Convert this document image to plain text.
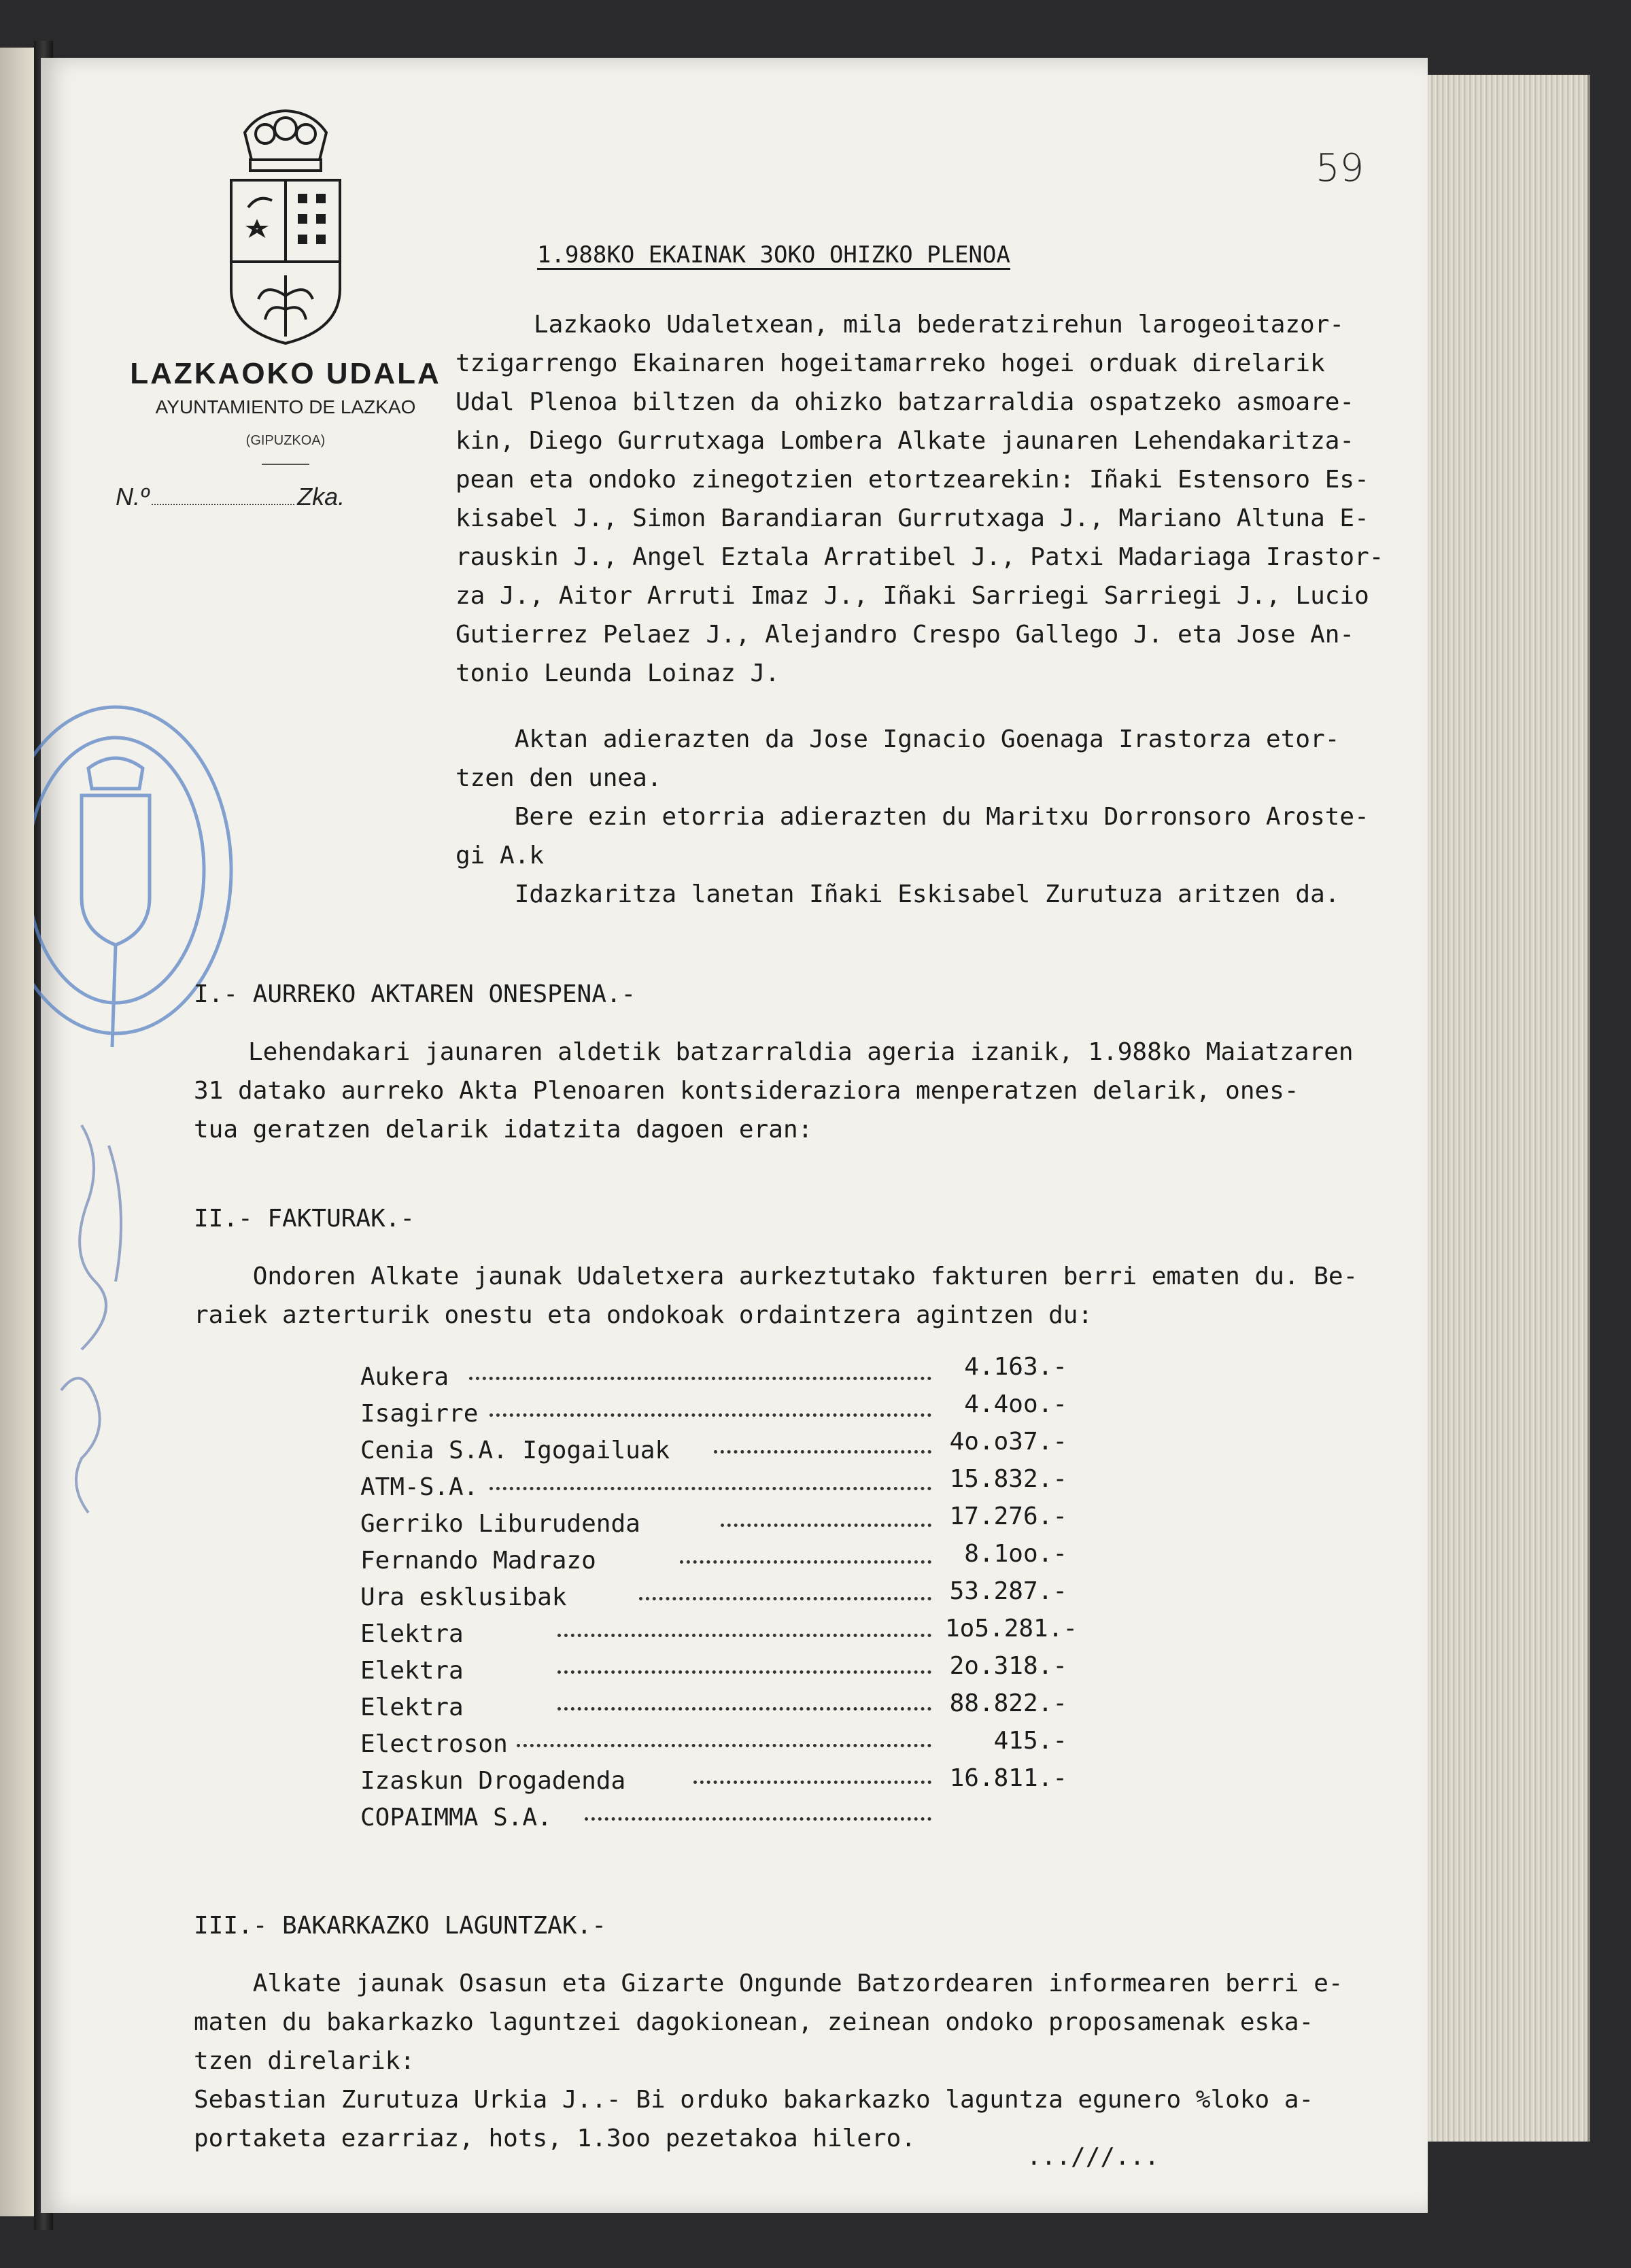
LAZKAOKO UDALA
AYUNTAMIENTO DE LAZKAO
(GIPUZKOA)
N.º	Zka.
59
1.988KO EKAINAK 3OKO OHIZKO PLENOA
Lazkaoko Udaletxean, mila bederatzirehun larogeoitazor-
tzigarrengo Ekainaren hogeitamarreko hogei orduak direlarik
Udal Plenoa biltzen da ohizko batzarraldia ospatzeko asmoare-
kin, Diego Gurrutxaga Lombera Alkate jaunaren Lehendakaritza-
pean eta ondoko zinegotzien etortzearekin: Iñaki Estensoro Es-
kisabel J., Simon Barandiaran Gurrutxaga J., Mariano Altuna E-
rauskin J., Angel Eztala Arratibel J., Patxi Madariaga Irastor-
za J., Aitor Arruti Imaz J., Iñaki Sarriegi Sarriegi J., Lucio
Gutierrez Pelaez J., Alejandro Crespo Gallego J. eta Jose An-
tonio Leunda Loinaz J.
Aktan adierazten da Jose Ignacio Goenaga Irastorza etor-
tzen den unea.
Bere ezin etorria adierazten du Maritxu Dorronsoro Aroste-
gi A.k
Idazkaritza lanetan Iñaki Eskisabel Zurutuza aritzen da.
I.- AURREKO AKTAREN ONESPENA.-
Lehendakari jaunaren aldetik batzarraldia ageria izanik, 1.988ko Maiatzaren
31 datako aurreko Akta Plenoaren kontsideraziora menperatzen delarik, ones-
tua geratzen delarik idatzita dagoen eran:
II.- FAKTURAK.-
Ondoren Alkate jaunak Udaletxera aurkeztutako fakturen berri ematen du. Be-
raiek azterturik onestu eta ondokoak ordaintzera agintzen du:
Aukera	4.163.-
Isagirre	4.4oo.-
Cenia S.A. Igogailuak	4o.o37.-
ATM-S.A.	15.832.-
Gerriko Liburudenda	17.276.-
Fernando Madrazo	8.1oo.-
Ura esklusibak	53.287.-
Elektra	1o5.281.-
Elektra	2o.318.-
Elektra	88.822.-
Electroson	415.-
Izaskun Drogadenda	16.811.-
COPAIMMA S.A.
III.- BAKARKAZKO LAGUNTZAK.-
Alkate jaunak Osasun eta Gizarte Ongunde Batzordearen informearen berri e-
maten du bakarkazko laguntzei dagokionean, zeinean ondoko proposamenak eska-
tzen direlarik:
Sebastian Zurutuza Urkia J..- Bi orduko bakarkazko laguntza egunero %loko a-
portaketa ezarriaz, hots, 1.3oo pezetakoa hilero.
...///...
